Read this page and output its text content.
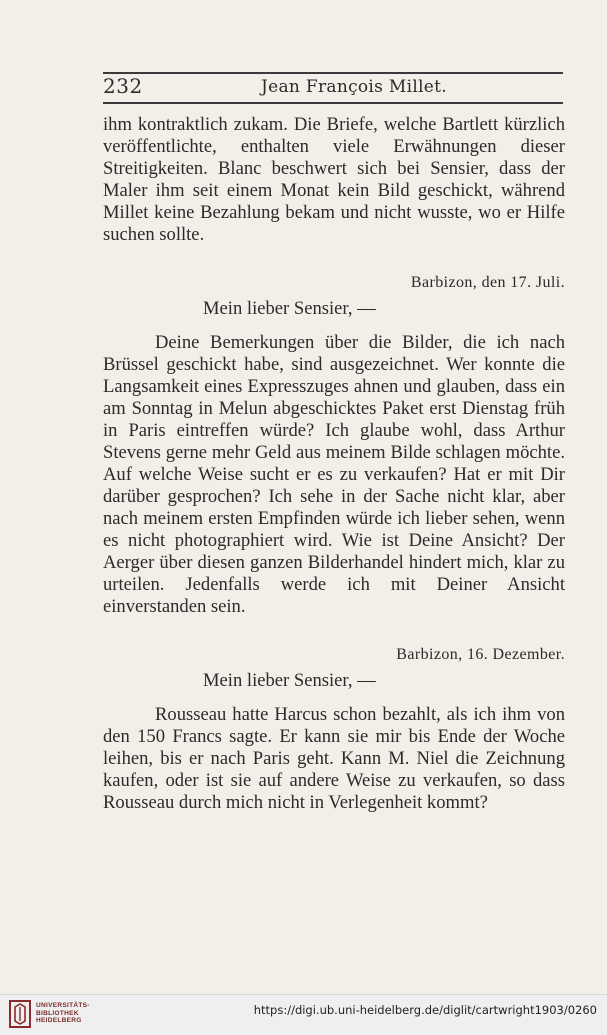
232	Jean François Millet.

ihm kontraktlich zukam. Die Briefe, welche Bartlett kürzlich veröffentlichte, enthalten viele Erwähnungen dieser Streitigkeiten. Blanc beschwert sich bei Sensier, dass der Maler ihm seit einem Monat kein Bild geschickt, während Millet keine Bezahlung bekam und nicht wusste, wo er Hilfe suchen sollte.

Barbizon, den 17. Juli.

Mein lieber Sensier, —

Deine Bemerkungen über die Bilder, die ich nach Brüssel geschickt habe, sind ausgezeichnet. Wer konnte die Langsamkeit eines Expresszuges ahnen und glauben, dass ein am Sonntag in Melun abgeschicktes Paket erst Dienstag früh in Paris eintreffen würde? Ich glaube wohl, dass Arthur Stevens gerne mehr Geld aus meinem Bilde schlagen möchte. Auf welche Weise sucht er es zu verkaufen? Hat er mit Dir darüber gesprochen? Ich sehe in der Sache nicht klar, aber nach meinem ersten Empfinden würde ich lieber sehen, wenn es nicht photographiert wird. Wie ist Deine Ansicht? Der Aerger über diesen ganzen Bilderhandel hindert mich, klar zu urteilen. Jedenfalls werde ich mit Deiner Ansicht einverstanden sein.

Barbizon, 16. Dezember.

Mein lieber Sensier, —

Rousseau hatte Harcus schon bezahlt, als ich ihm von den 150 Francs sagte. Er kann sie mir bis Ende der Woche leihen, bis er nach Paris geht. Kann M. Niel die Zeichnung kaufen, oder ist sie auf andere Weise zu verkaufen, so dass Rousseau durch mich nicht in Verlegenheit kommt?

UNIVERSITÄTS-
BIBLIOTHEK
HEIDELBERG
https://digi.ub.uni-heidelberg.de/diglit/cartwright1903/0260
